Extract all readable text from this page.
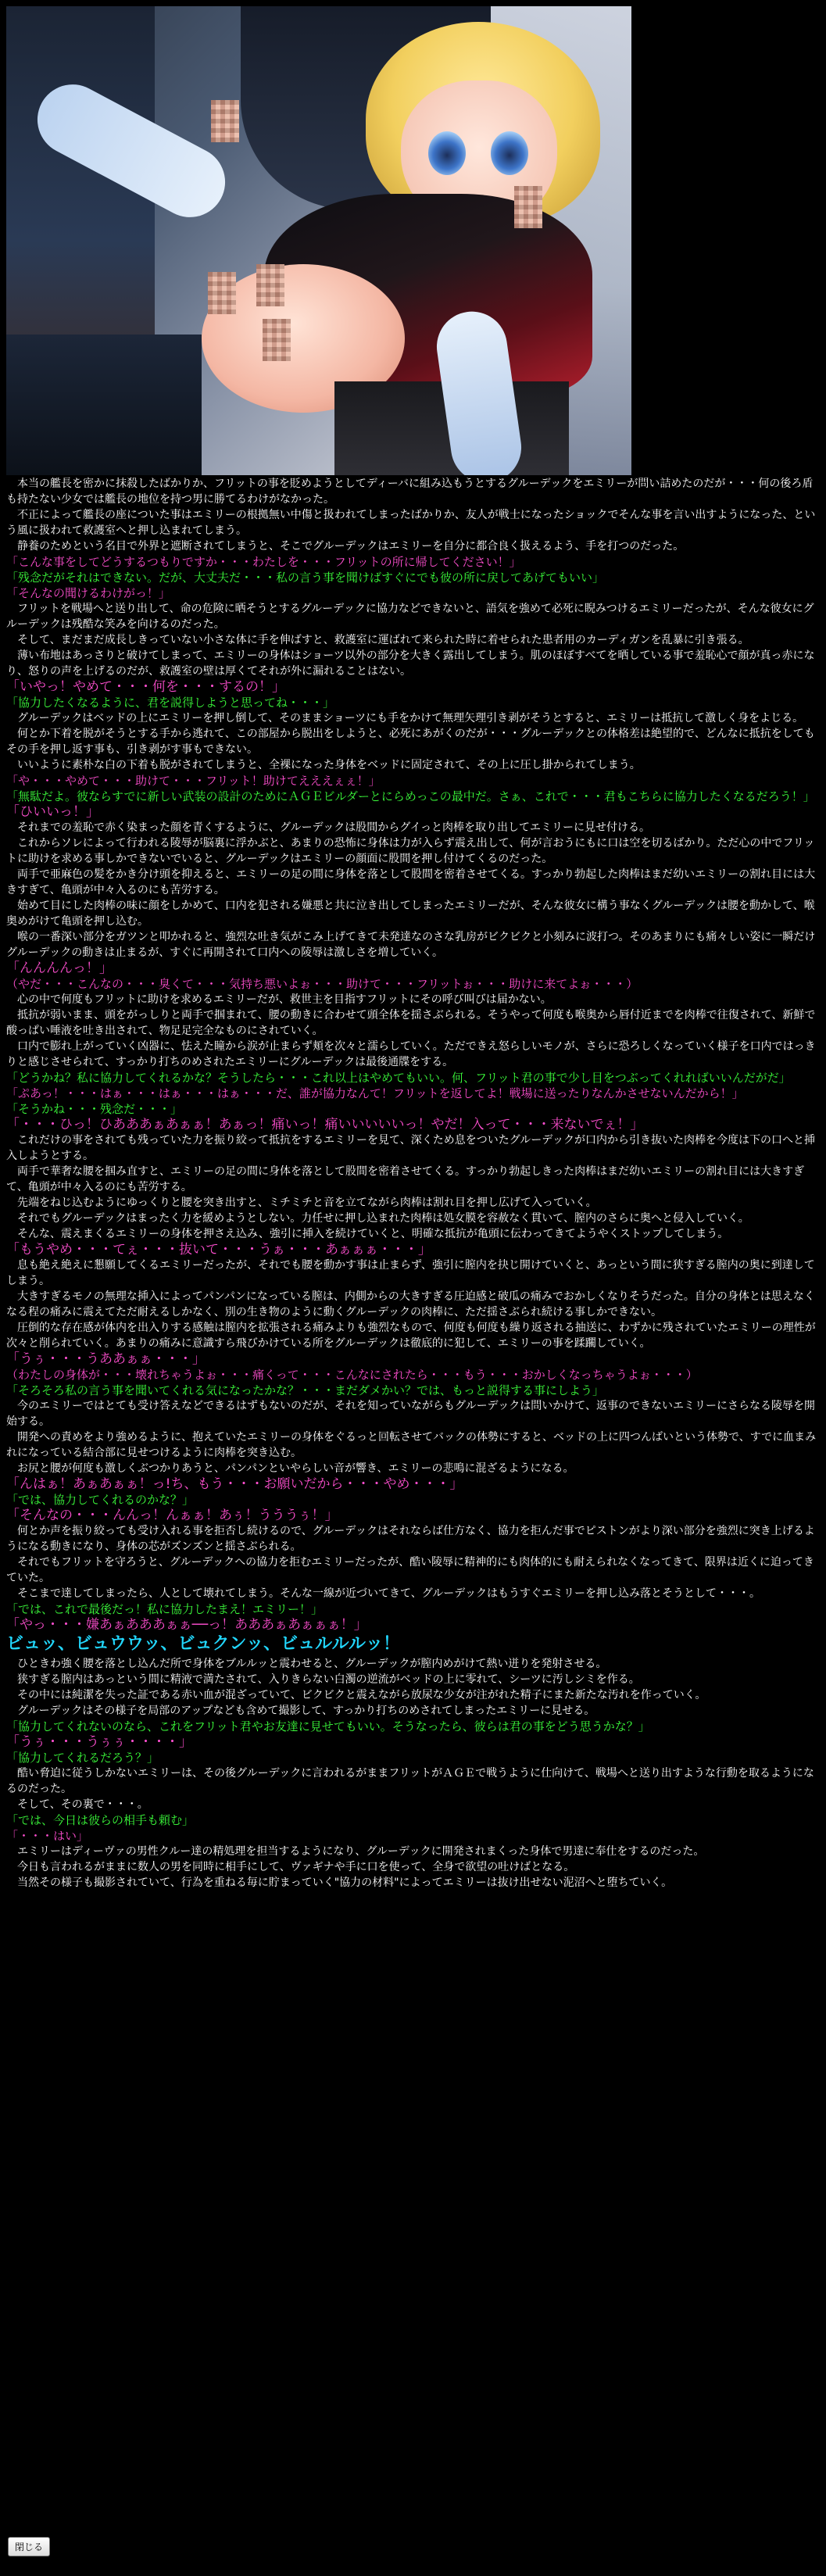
　本当の艦長を密かに抹殺したばかりか、フリットの事を貶めようとしてディーバに組み込もうとするグルーデックをエミリーが問い詰めたのだが・・・何の後ろ盾も持たない少女では艦長の地位を持つ男に勝てるわけがなかった。

　不正によって艦長の座についた事はエミリーの根拠無い中傷と扱われてしまったばかりか、友人が戦士になったショックでそんな事を言い出すようになった、という風に扱われて救護室へと押し込まれてしまう。

　静養のためという名目で外界と遮断されてしまうと、そこでグルーデックはエミリーを自分に都合良く扱えるよう、手を打つのだった。

「こんな事をしてどうするつもりですか・・・わたしを・・・フリットの所に帰してください！」

「残念だがそれはできない。だが、大丈夫だ・・・私の言う事を聞けばすぐにでも彼の所に戻してあげてもいい」

「そんなの聞けるわけがっ！」

　フリットを戦場へと送り出して、命の危険に晒そうとするグルーデックに協力などできないと、語気を強めて必死に睨みつけるエミリーだったが、そんな彼女にグルーデックは残酷な笑みを向けるのだった。

　そして、まだまだ成長しきっていない小さな体に手を伸ばすと、救護室に運ばれて来られた時に着せられた患者用のカーディガンを乱暴に引き張る。

　薄い布地はあっさりと破けてしまって、エミリーの身体はショーツ以外の部分を大きく露出してしまう。肌のほぼすべてを晒している事で羞恥心で顔が真っ赤になり、怒りの声を上げるのだが、救護室の壁は厚くてそれが外に漏れることはない。

「いやっ！やめて・・・何を・・・するの！」

「協力したくなるように、君を説得しようと思ってね・・・」

　グルーデックはベッドの上にエミリーを押し倒して、そのままショーツにも手をかけて無理矢理引き剥がそうとすると、エミリーは抵抗して激しく身をよじる。

　何とか下着を脱がそうとする手から逃れて、この部屋から脱出をしようと、必死にあがくのだが・・・グルーデックとの体格差は絶望的で、どんなに抵抗をしてもその手を押し返す事も、引き剥がす事もできない。

　いいように素朴な白の下着も脱がされてしまうと、全裸になった身体をベッドに固定されて、その上に圧し掛かられてしまう。

「や・・・やめて・・・助けて・・・フリット！助けてえええぇぇ！」

「無駄だよ。彼ならすでに新しい武装の設計のためにＡＧＥビルダーとにらめっこの最中だ。さぁ、これで・・・君もこちらに協力したくなるだろう！」

「ひいいっ！」

　それまでの羞恥で赤く染まった顔を青くするように、グルーデックは股間からグイっと肉棒を取り出してエミリーに見せ付ける。

　これからソレによって行われる陵辱が脳裏に浮かぶと、あまりの恐怖に身体は力が入らず震え出して、何が言おうにもに口は空を切るばかり。ただ心の中でフリットに助けを求める事しかできないでいると、グルーデックはエミリーの顔面に股間を押し付けてくるのだった。

　両手で亜麻色の髪をかき分け頭を抑えると、エミリーの足の間に身体を落として股間を密着させてくる。すっかり勃起した肉棒はまだ幼いエミリーの割れ目には大きすぎて、亀頭が中々入るのにも苦労する。

　始めて目にした肉棒の味に顔をしかめて、口内を犯される嫌悪と共に泣き出してしまったエミリーだが、そんな彼女に構う事なくグルーデックは腰を動かして、喉奥めがけて亀頭を押し込む。

　喉の一番深い部分をガツンと叩かれると、強烈な吐き気がこみ上げてきて未発達なのさな乳房がビクビクと小刻みに波打つ。そのあまりにも痛々しい姿に一瞬だけグルーデックの動きは止まるが、すぐに再開されて口内への陵辱は激しさを増していく。

「んんんんっ！」

（やだ・・・こんなの・・・臭くて・・・気持ち悪いよぉ・・・助けて・・・フリットぉ・・・助けに来てよぉ・・・）

　心の中で何度もフリットに助けを求めるエミリーだが、救世主を目指すフリットにその呼び叫びは届かない。

　抵抗が弱いまま、頭をがっしりと両手で掴まれて、腰の動きに合わせて頭全体を揺さぶられる。そうやって何度も喉奥から唇付近までを肉棒で往復されて、新鮮で酸っぱい唾液を吐き出されて、物足足完全なものにされていく。

　口内で膨れ上がっていく凶器に、怯えた瞳から涙が止まらず頬を次々と濡らしていく。ただできえ怒らしいモノが、さらに恐ろしくなっていく様子を口内ではっきりと感じさせられて、すっかり打ちのめされたエミリーにグルーデックは最後通牒をする。

「どうかね？私に協力してくれるかな？そうしたら・・・これ以上はやめてもいい。何、フリット君の事で少し目をつぶってくれればいいんだがだ」

「ぷあっ！・・・はぁ・・・はぁ・・・はぁ・・・だ、誰が協力なんて！フリットを返してよ！戦場に送ったりなんかさせないんだから！」

「そうかね・・・残念だ・・・」

「・・・ひっ！ひあああぁあぁぁ！あぁっ！痛いっ！痛いいいいいっ！やだ！入って・・・来ないでぇ！」

　これだけの事をされても残っていた力を振り絞って抵抗をするエミリーを見て、深くため息をついたグルーデックが口内から引き抜いた肉棒を今度は下の口へと挿入しようとする。

　両手で華奢な腰を掴み直すと、エミリーの足の間に身体を落として股間を密着させてくる。すっかり勃起しきった肉棒はまだ幼いエミリーの割れ目には大きすぎて、亀頭が中々入るのにも苦労する。

　先端をねじ込むようにゆっくりと腰を突き出すと、ミチミチと音を立てながら肉棒は割れ目を押し広げて入っていく。

　それでもグルーデックはまったく力を緩めようとしない。力任せに押し込まれた肉棒は処女膜を容赦なく貫いて、膣内のさらに奥へと侵入していく。

　そんな、震えまくるエミリーの身体を押さえ込み、強引に挿入を続けていくと、明確な抵抗が亀頭に伝わってきてようやくストップしてしまう。

「もうやめ・・・てぇ・・・抜いて・・・うぁ・・・あぁぁぁ・・・」

　息も絶え絶えに懇願してくるエミリーだったが、それでも腰を動かす事は止まらず、強引に膣内を抉じ開けていくと、あっという間に狭すぎる膣内の奥に到達してしまう。

　大きすぎるモノの無理な挿入によってパンパンになっている膣は、内側からの大きすぎる圧迫感と破瓜の痛みでおかしくなりそうだった。自分の身体とは思えなくなる程の痛みに震えてただ耐えるしかなく、別の生き物のように動くグルーデックの肉棒に、ただ揺さぶられ続ける事しかできない。

　圧倒的な存在感が体内を出入りする感触は膣内を拡張される痛みよりも強烈なもので、何度も何度も繰り返される抽送に、わずかに残されていたエミリーの理性が次々と削られていく。あまりの痛みに意識すら飛びかけている所をグルーデックは徹底的に犯して、エミリーの事を蹂躙していく。

「うぅ・・・うああぁぁ・・・」

（わたしの身体が・・・壊れちゃうよぉ・・・痛くって・・・こんなにされたら・・・もう・・・おかしくなっちゃうよぉ・・・）

「そろそろ私の言う事を聞いてくれる気になったかな？・・・まだダメかい？では、もっと説得する事にしよう」

　今のエミリーではとても受け答えなどできるはずもないのだが、それを知っていながらもグルーデックは問いかけて、返事のできないエミリーにさらなる陵辱を開始する。

　開発への責めをより強めるように、抱えていたエミリーの身体をぐるっと回転させてバックの体勢にすると、ベッドの上に四つんばいという体勢で、すでに血まみれになっている結合部に見せつけるように肉棒を突き込む。

　お尻と腰が何度も激しくぶつかりあうと、パンパンといやらしい音が響き、エミリーの悲鳴に混ざるようになる。

「んはぁ！あぁあぁぁ！っ!ち、もう・・・お願いだから・・・やめ・・・」

「では、協力してくれるのかな？」

「そんなの・・・んんっ！んぁぁ！あぅ！うううぅ！」

　何とか声を振り絞っても受け入れる事を拒否し続けるので、グルーデックはそれならば仕方なく、協力を拒んだ事でピストンがより深い部分を強烈に突き上げるようになる動きになり、身体の芯がズンズンと揺さぶられる。

　それでもフリットを守ろうと、グルーデックへの協力を拒むエミリーだったが、酷い陵辱に精神的にも肉体的にも耐えられなくなってきて、限界は近くに迫ってきていた。

　そこまで達してしまったら、人として壊れてしまう。そんな一線が近づいてきて、グルーデックはもうすぐエミリーを押し込み落とそうとして・・・。

「では、これで最後だっ！私に協力したまえ！エミリー！」

「やっ・・・嫌あぁあああぁぁ──っ！あああぁあぁぁぁ！」

ビュッ、ビュウウッ、ビュクンッ、ビュルルルッ！

　ひときわ強く腰を落とし込んだ所で身体をブルルッと震わせると、グルーデックが膣内めがけて熱い迸りを発射させる。

　狭すぎる膣内はあっという間に精液で満たされて、入りきらない白濁の逆流がベッドの上に零れて、シーツに汚しシミを作る。

　その中には純潔を失った証である赤い血が混ざっていて、ビクビクと震えながら放尿な少女が注がれた精子にまた新たな汚れを作っていく。

　グルーデックはその様子を局部のアップなども含めて撮影して、すっかり打ちのめされてしまったエミリーに見せる。

「協力してくれないのなら、これをフリット君やお友達に見せてもいい。そうなったら、彼らは君の事をどう思うかな？」

「うぅ・・・うぅぅ・・・・」

「協力してくれるだろう？」

　酷い脅迫に従うしかないエミリーは、その後グルーデックに言われるがままフリットがＡＧＥで戦うように仕向けて、戦場へと送り出すような行動を取るようになるのだった。

　そして、その裏で・・・。

「では、今日は彼らの相手も頼む」

「・・・はい」

　エミリーはディーヴァの男性クルー達の精処理を担当するようになり、グルーデックに開発されまくった身体で男達に奉仕をするのだった。

　今日も言われるがままに数人の男を同時に相手にして、ヴァギナや手に口を使って、全身で欲望の吐けばとなる。

　当然その様子も撮影されていて、行為を重ねる毎に貯まっていく"協力の材料"によってエミリーは抜け出せない泥沼へと堕ちていく。

閉じる
